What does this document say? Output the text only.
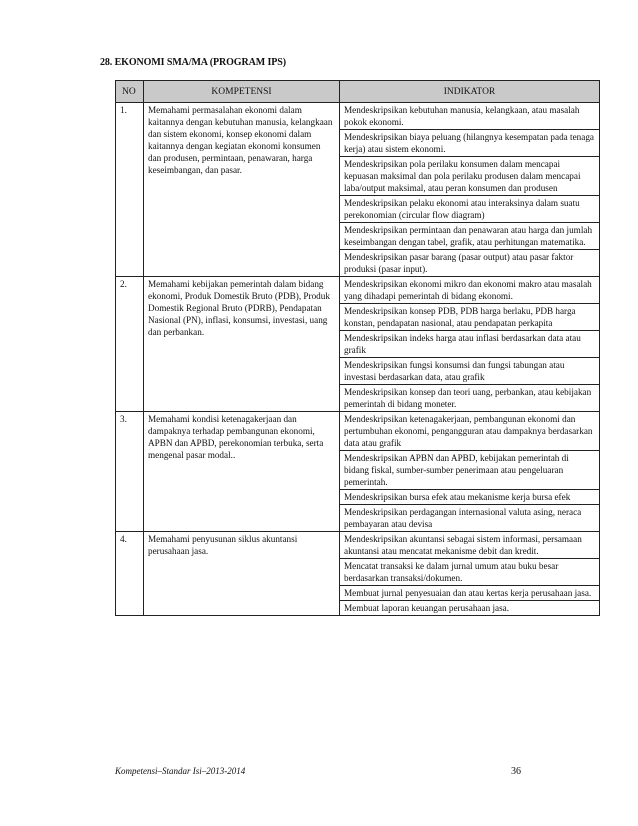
28. EKONOMI SMA/MA (PROGRAM IPS)
NO	KOMPETENSI	INDIKATOR
1.	Memahami permasalahan ekonomi dalam kaitannya dengan kebutuhan manusia, kelangkaan dan sistem ekonomi, konsep ekonomi dalam kaitannya dengan kegiatan ekonomi konsumen dan produsen, permintaan, penawaran, harga keseimbangan, dan pasar.	Mendeskripsikan kebutuhan manusia, kelangkaan, atau masalah pokok ekonomi.
		Mendeskripsikan biaya peluang (hilangnya kesempatan pada tenaga kerja) atau sistem ekonomi.
		Mendeskripsikan pola perilaku konsumen dalam mencapai kepuasan maksimal dan pola perilaku produsen dalam mencapai laba/output maksimal, atau peran konsumen dan produsen
		Mendeskripsikan pelaku ekonomi atau interaksinya dalam suatu perekonomian (circular flow diagram)
		Mendeskripsikan permintaan dan penawaran atau harga dan jumlah keseimbangan dengan tabel, grafik, atau perhitungan matematika.
		Mendeskripsikan pasar barang (pasar output) atau pasar faktor produksi (pasar input).
2.	Memahami kebijakan pemerintah dalam bidang ekonomi, Produk Domestik Bruto (PDB), Produk Domestik Regional Bruto (PDRB), Pendapatan Nasional (PN), inflasi, konsumsi, investasi, uang dan perbankan.	Mendeskripsikan ekonomi mikro dan ekonomi makro atau masalah yang dihadapi pemerintah di bidang ekonomi.
		Mendeskripsikan konsep PDB, PDB harga berlaku, PDB harga konstan, pendapatan nasional, atau pendapatan perkapita
		Mendeskripsikan indeks harga atau inflasi berdasarkan data atau grafik
		Mendeskripsikan fungsi konsumsi dan fungsi tabungan atau investasi berdasarkan data, atau grafik
		Mendeskripsikan konsep dan teori uang, perbankan, atau kebijakan pemerintah di bidang moneter.
3.	Memahami kondisi ketenagakerjaan dan dampaknya terhadap pembangunan ekonomi, APBN dan APBD, perekonomian terbuka, serta mengenal pasar modal..	Mendeskripsikan ketenagakerjaan, pembangunan ekonomi dan pertumbuhan ekonomi, pengangguran atau dampaknya berdasarkan data atau grafik
		Mendeskripsikan APBN dan APBD, kebijakan pemerintah di bidang fiskal, sumber-sumber penerimaan atau pengeluaran pemerintah.
		Mendeskripsikan bursa efek atau mekanisme kerja bursa efek
		Mendeskripsikan perdagangan internasional valuta asing, neraca pembayaran atau devisa
4.	Memahami penyusunan siklus akuntansi perusahaan jasa.	Mendeskripsikan akuntansi sebagai sistem informasi, persamaan akuntansi atau mencatat mekanisme debit dan kredit.
		Mencatat transaksi ke dalam jurnal umum atau buku besar berdasarkan transaksi/dokumen.
		Membuat jurnal penyesuaian dan atau kertas kerja perusahaan jasa.
		Membuat laporan keuangan perusahaan jasa.
Kompetensi–Standar Isi–2013-2014	36
